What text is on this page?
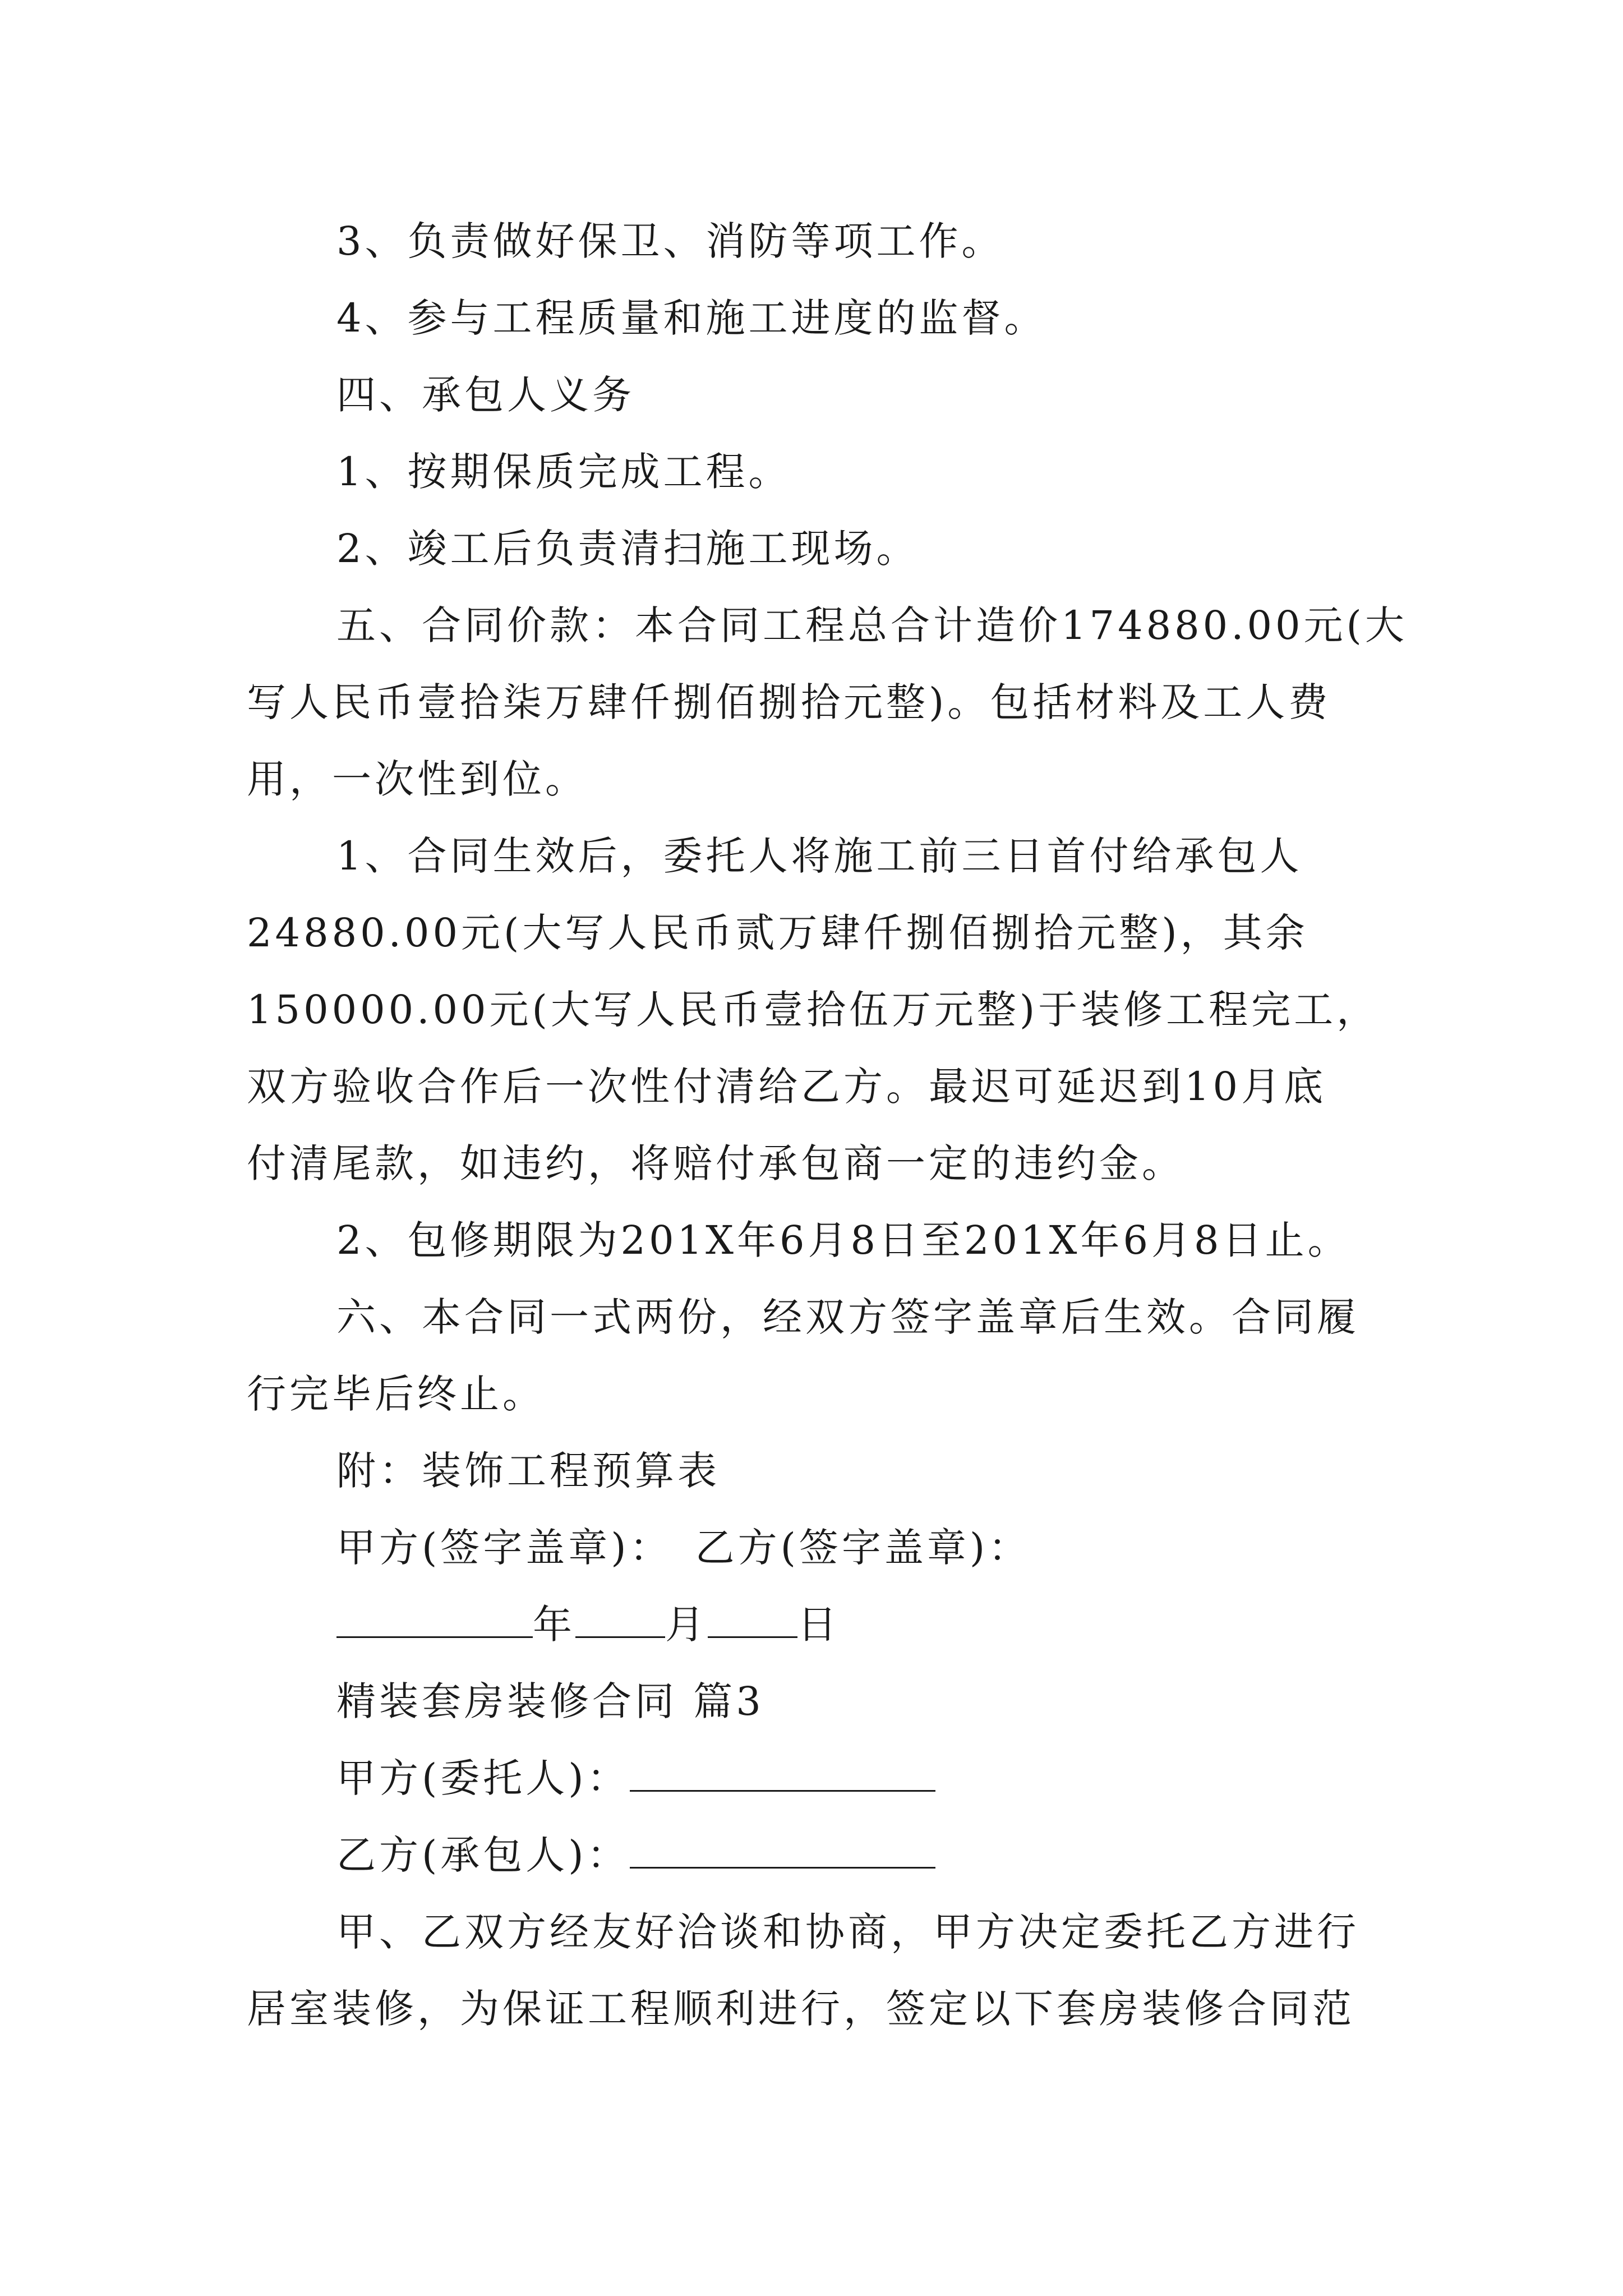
3、负责做好保卫、消防等项工作。
4、参与工程质量和施工进度的监督。
四、承包人义务
1、按期保质完成工程。
2、竣工后负责清扫施工现场。
五、合同价款：本合同工程总合计造价174880.00元(大
写人民币壹拾柒万肆仟捌佰捌拾元整)。包括材料及工人费
用，一次性到位。
1、合同生效后，委托人将施工前三日首付给承包人
24880.00元(大写人民币贰万肆仟捌佰捌拾元整)，其余
150000.00元(大写人民币壹拾伍万元整)于装修工程完工，
双方验收合作后一次性付清给乙方。最迟可延迟到10月底
付清尾款，如违约，将赔付承包商一定的违约金。
2、包修期限为201X年6月8日至201X年6月8日止。
六、本合同一式两份，经双方签字盖章后生效。合同履
行完毕后终止。
附：装饰工程预算表
甲方(签字盖章)：　乙方(签字盖章)：
年 月 日
精装套房装修合同 篇3
甲方(委托人)：
乙方(承包人)：
甲、乙双方经友好洽谈和协商，甲方决定委托乙方进行
居室装修，为保证工程顺利进行，签定以下套房装修合同范
